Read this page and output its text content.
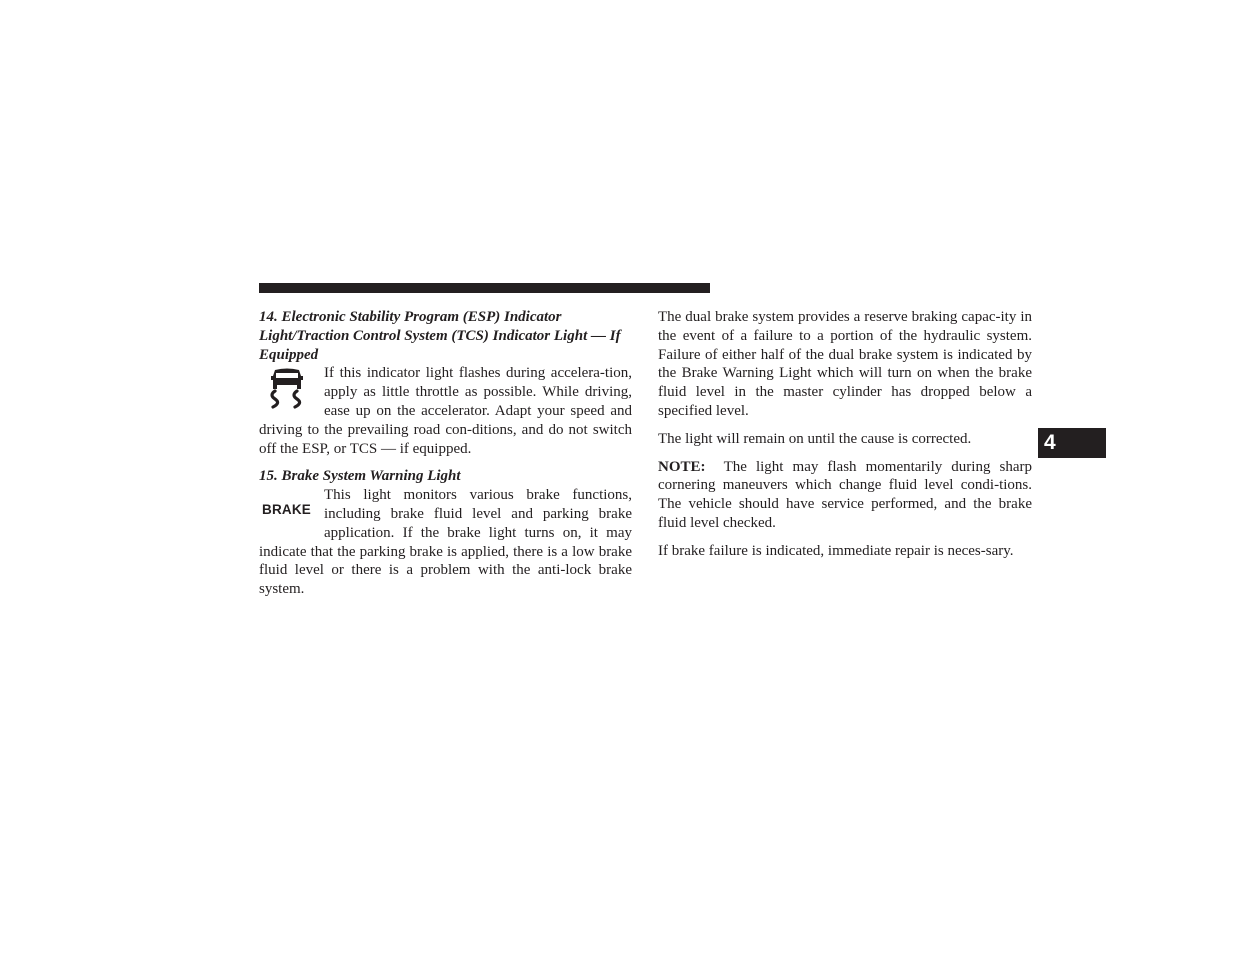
14. Electronic Stability Program (ESP) Indicator Light/Traction Control System (TCS) Indicator Light — If Equipped

If this indicator light flashes during accelera-tion, apply as little throttle as possible. While driving, ease up on the accelerator. Adapt your speed and driving to the prevailing road con-ditions, and do not switch off the ESP, or TCS — if equipped.

15. Brake System Warning Light

BRAKE
This light monitors various brake functions, including brake fluid level and parking brake application. If the brake light turns on, it may indicate that the parking brake is applied, there is a low brake fluid level or there is a problem with the anti-lock brake system.

The dual brake system provides a reserve braking capac-ity in the event of a failure to a portion of the hydraulic system. Failure of either half of the dual brake system is indicated by the Brake Warning Light which will turn on when the brake fluid level in the master cylinder has dropped below a specified level.

The light will remain on until the cause is corrected.

NOTE: The light may flash momentarily during sharp cornering maneuvers which change fluid level condi-tions. The vehicle should have service performed, and the brake fluid level checked.

If brake failure is indicated, immediate repair is neces-sary.

4
